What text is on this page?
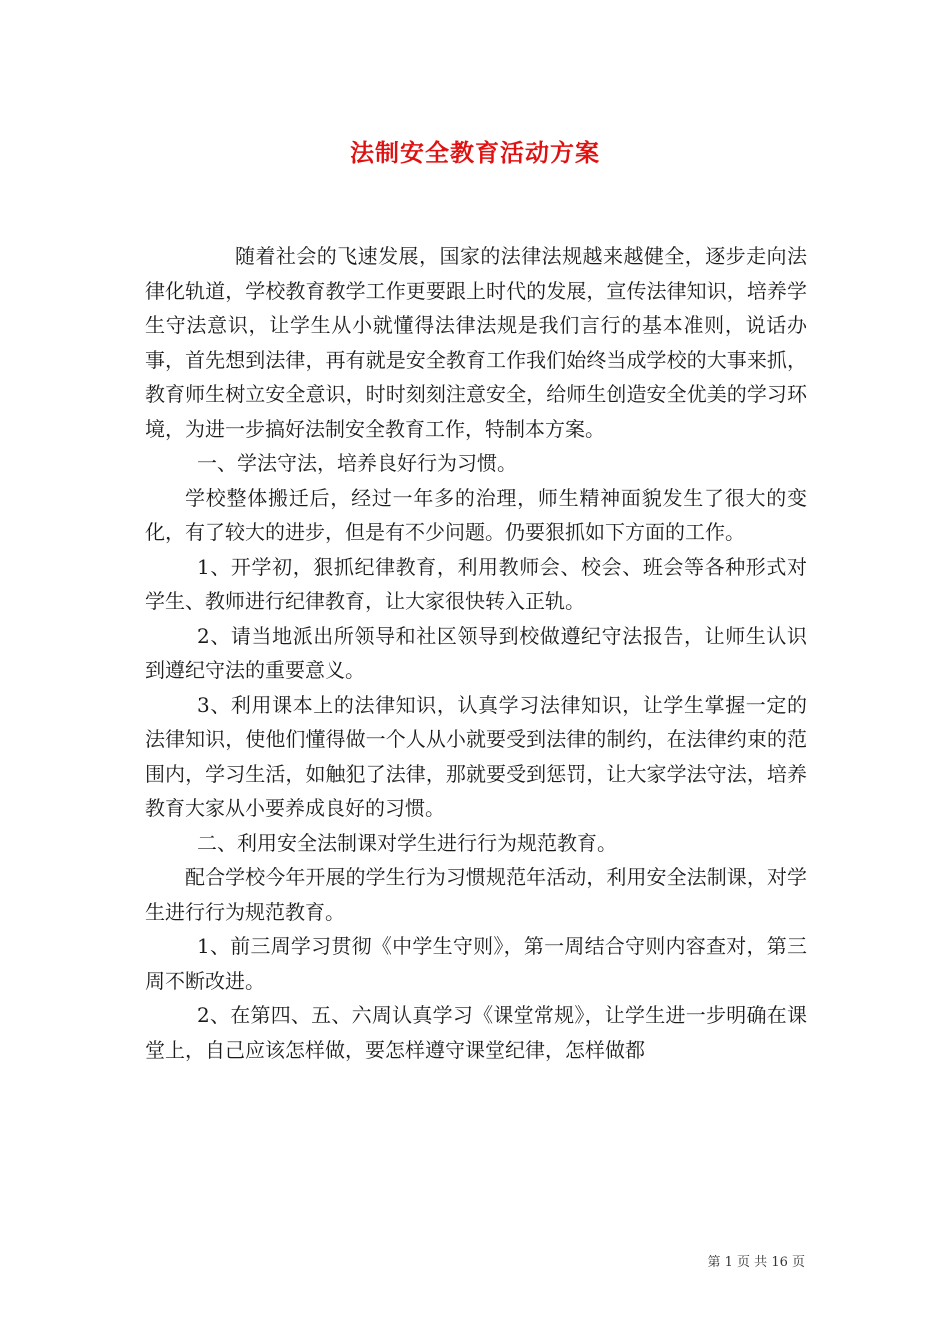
法制安全教育活动方案

随着社会的飞速发展，国家的法律法规越来越健全，逐步走向法律化轨道，学校教育教学工作更要跟上时代的发展，宣传法律知识，培养学生守法意识，让学生从小就懂得法律法规是我们言行的基本准则，说话办事，首先想到法律，再有就是安全教育工作我们始终当成学校的大事来抓，教育师生树立安全意识，时时刻刻注意安全，给师生创造安全优美的学习环境，为进一步搞好法制安全教育工作，特制本方案。

一、学法守法，培养良好行为习惯。

学校整体搬迁后，经过一年多的治理，师生精神面貌发生了很大的变化，有了较大的进步，但是有不少问题。仍要狠抓如下方面的工作。

1、开学初，狠抓纪律教育，利用教师会、校会、班会等各种形式对学生、教师进行纪律教育，让大家很快转入正轨。

2、请当地派出所领导和社区领导到校做遵纪守法报告，让师生认识到遵纪守法的重要意义。

3、利用课本上的法律知识，认真学习法律知识，让学生掌握一定的法律知识，使他们懂得做一个人从小就要受到法律的制约，在法律约束的范围内，学习生活，如触犯了法律，那就要受到惩罚，让大家学法守法，培养教育大家从小要养成良好的习惯。

二、利用安全法制课对学生进行行为规范教育。

配合学校今年开展的学生行为习惯规范年活动，利用安全法制课，对学生进行行为规范教育。

1、前三周学习贯彻《中学生守则》，第一周结合守则内容查对，第三周不断改进。

2、在第四、五、六周认真学习《课堂常规》，让学生进一步明确在课堂上，自己应该怎样做，要怎样遵守课堂纪律，怎样做都

第 1 页 共 16 页
